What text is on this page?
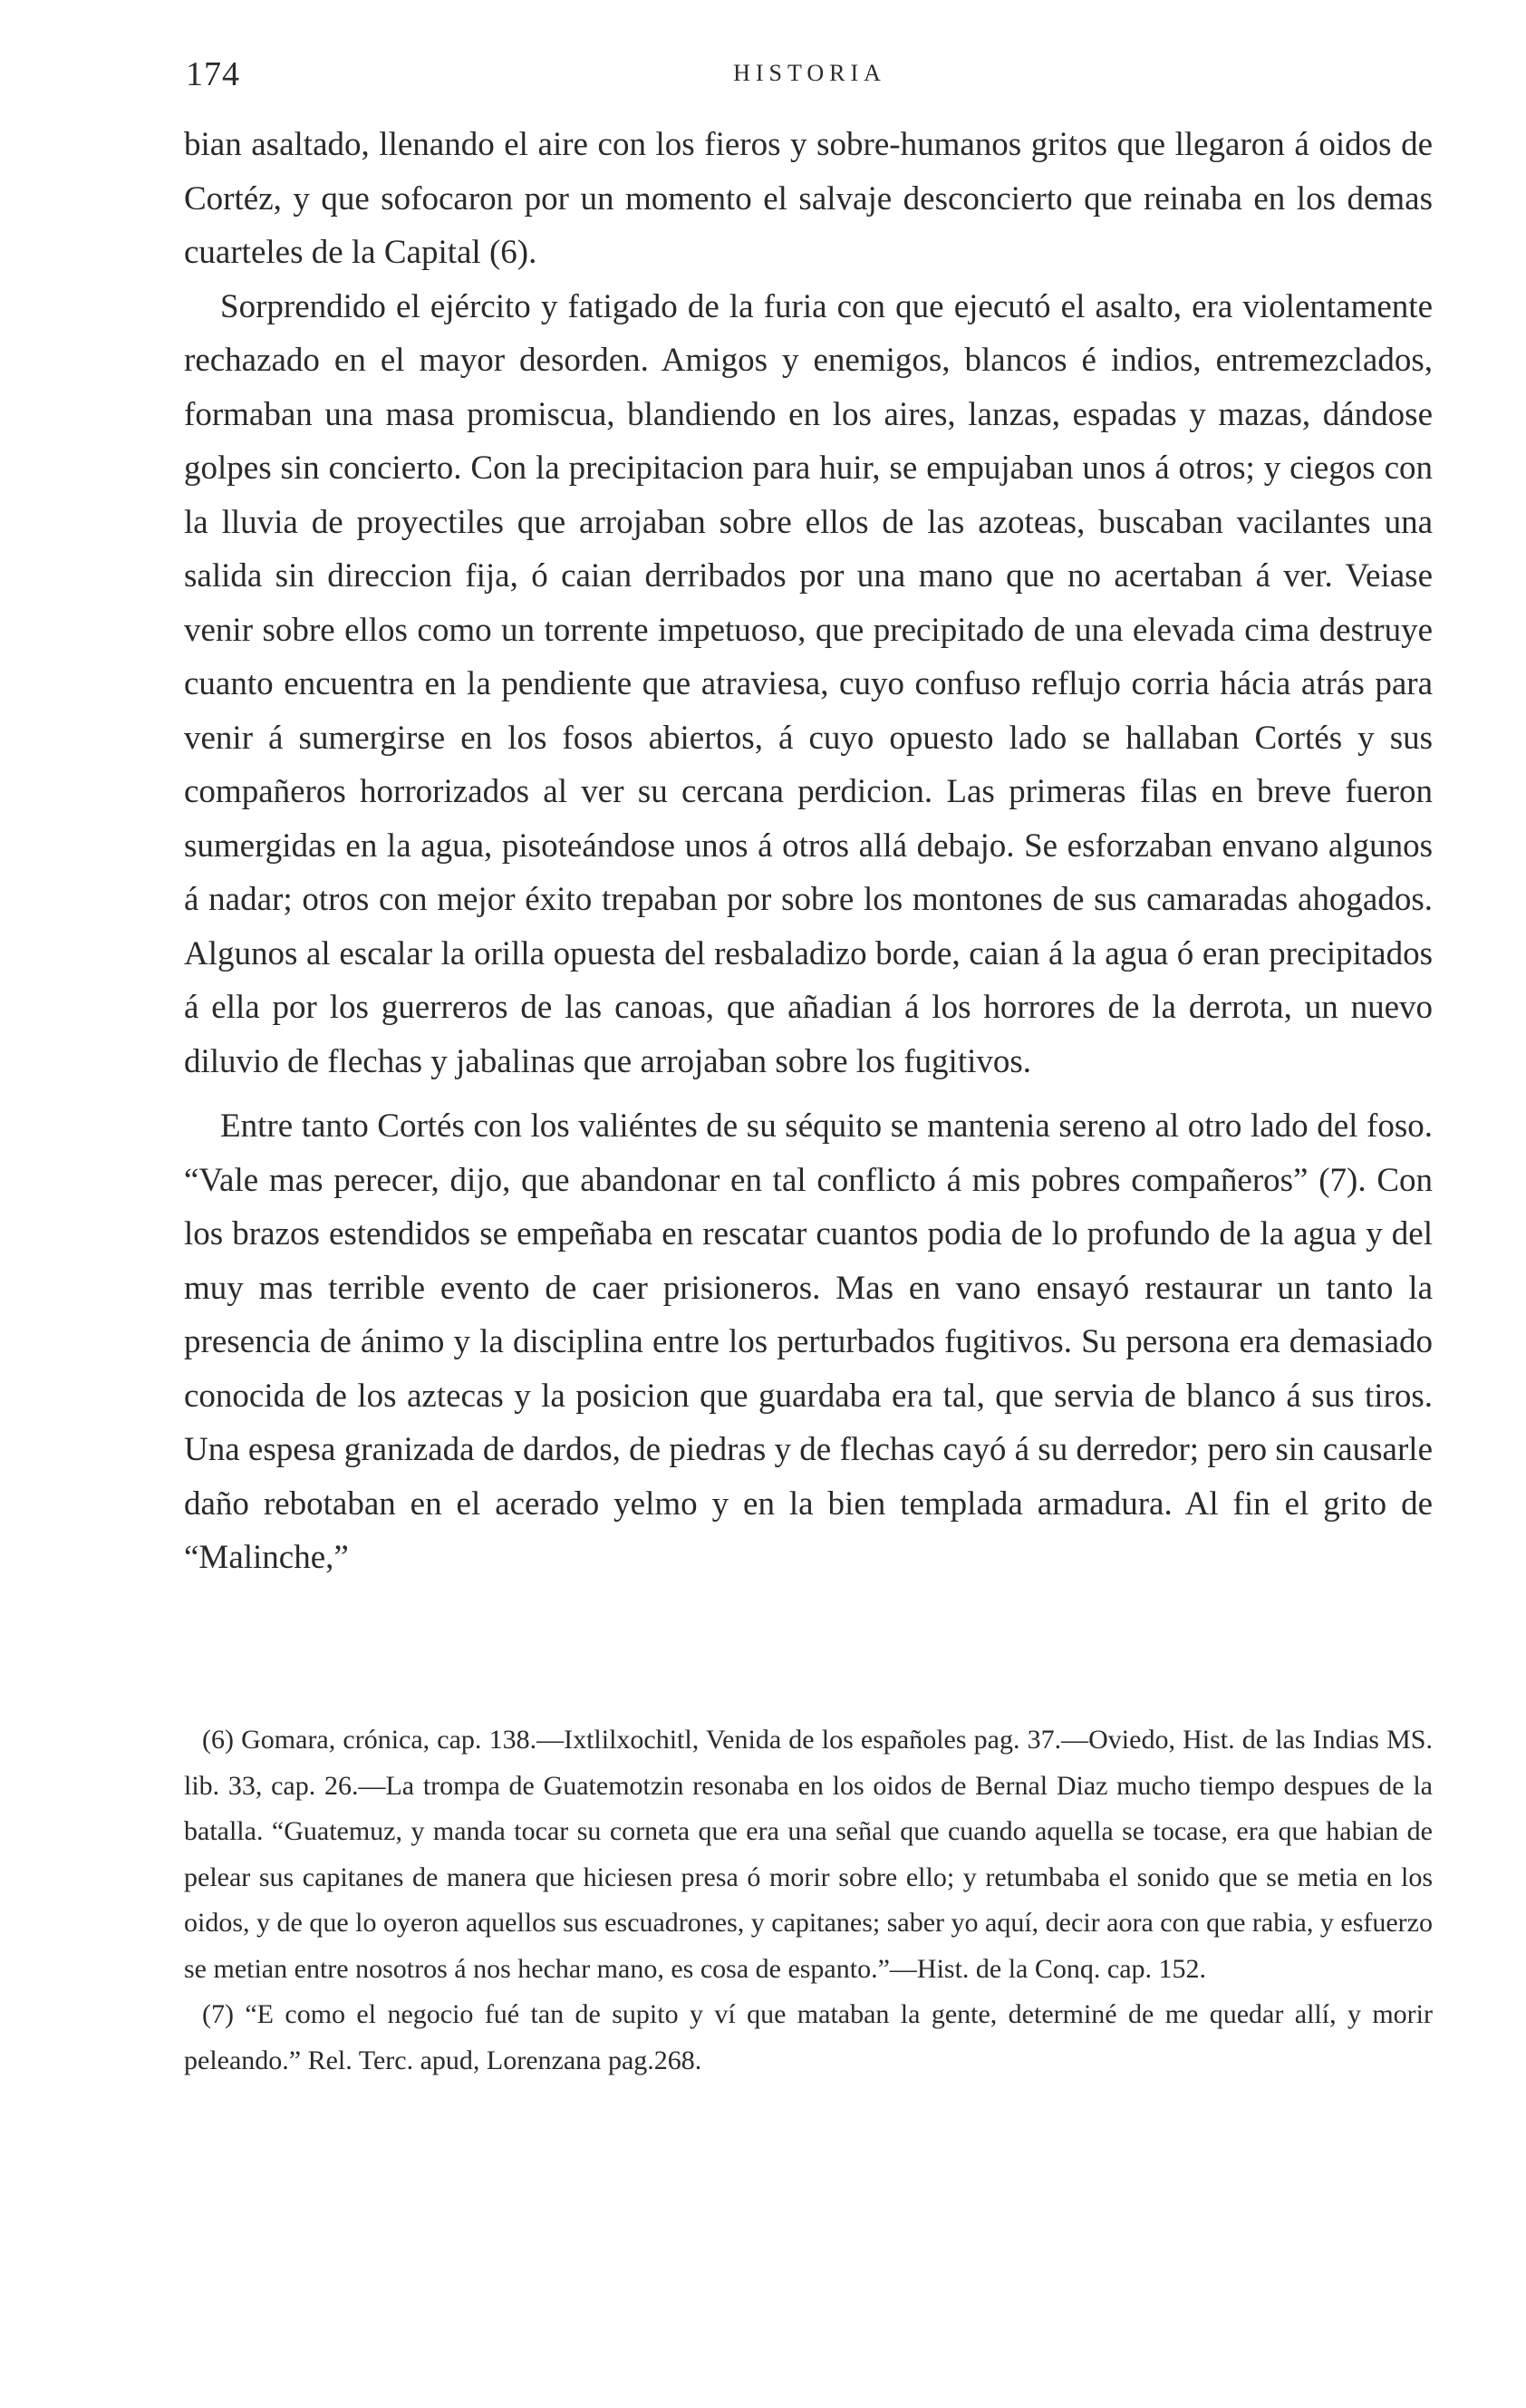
174	HISTORIA

bian asaltado, llenando el aire con los fieros y sobre-humanos gritos que llegaron á oidos de Cortéz, y que sofocaron por un momento el salvaje desconcierto que reinaba en los demas cuarteles de la Capital (6).

Sorprendido el ejército y fatigado de la furia con que ejecutó el asalto, era violentamente rechazado en el mayor desorden. Amigos y enemigos, blancos é indios, entremezclados, formaban una masa promiscua, blandiendo en los aires, lanzas, espadas y mazas, dándose golpes sin concierto. Con la precipitacion para huir, se empujaban unos á otros; y ciegos con la lluvia de proyectiles que arrojaban sobre ellos de las azoteas, buscaban vacilantes una salida sin direccion fija, ó caian derribados por una mano que no acertaban á ver. Veiase venir sobre ellos como un torrente impetuoso, que precipitado de una elevada cima destruye cuanto encuentra en la pendiente que atraviesa, cuyo confuso reflujo corria hácia atrás para venir á sumergirse en los fosos abiertos, á cuyo opuesto lado se hallaban Cortés y sus compañeros horrorizados al ver su cercana perdicion. Las primeras filas en breve fueron sumergidas en la agua, pisoteándose unos á otros allá debajo. Se esforzaban envano algunos á nadar; otros con mejor éxito trepaban por sobre los montones de sus camaradas ahogados. Algunos al escalar la orilla opuesta del resbaladizo borde, caian á la agua ó eran precipitados á ella por los guerreros de las canoas, que añadian á los horrores de la derrota, un nuevo diluvio de flechas y jabalinas que arrojaban sobre los fugitivos.

Entre tanto Cortés con los valiéntes de su séquito se mantenia sereno al otro lado del foso. “Vale mas perecer, dijo, que abandonar en tal conflicto á mis pobres compañeros” (7). Con los brazos estendidos se empeñaba en rescatar cuantos podia de lo profundo de la agua y del muy mas terrible evento de caer prisioneros. Mas en vano ensayó restaurar un tanto la presencia de ánimo y la disciplina entre los perturbados fugitivos. Su persona era demasiado conocida de los aztecas y la posicion que guardaba era tal, que servia de blanco á sus tiros. Una espesa granizada de dardos, de piedras y de flechas cayó á su derredor; pero sin causarle daño rebotaban en el acerado yelmo y en la bien templada armadura. Al fin el grito de “Malinche,”

(6) Gomara, crónica, cap. 138.—Ixtlilxochitl, Venida de los españoles pag. 37.—Oviedo, Hist. de las Indias MS. lib. 33, cap. 26.—La trompa de Guatemotzin resonaba en los oidos de Bernal Diaz mucho tiempo despues de la batalla. “Guatemuz, y manda tocar su corneta que era una señal que cuando aquella se tocase, era que habian de pelear sus capitanes de manera que hiciesen presa ó morir sobre ello; y retumbaba el sonido que se metia en los oidos, y de que lo oyeron aquellos sus escuadrones, y capitanes; saber yo aquí, decir aora con que rabia, y esfuerzo se metian entre nosotros á nos hechar mano, es cosa de espanto.”—Hist. de la Conq. cap. 152.

(7) “E como el negocio fué tan de supito y ví que mataban la gente, determiné de me quedar allí, y morir peleando.” Rel. Terc. apud, Lorenzana pag.268.
